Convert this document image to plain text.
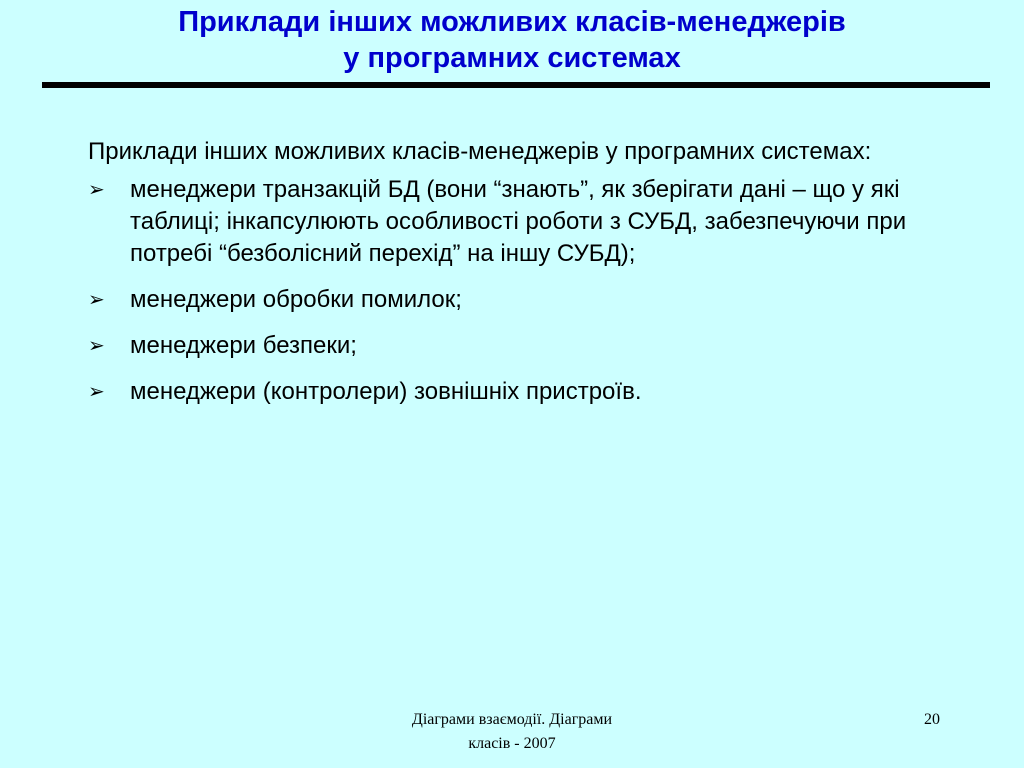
Приклади інших можливих класів-менеджерів
у програмних системах

Приклади інших можливих класів-менеджерів у програмних системах:

➢ менеджери транзакцій БД (вони “знають”, як зберігати дані – що у які таблиці; інкапсулюють особливості роботи з СУБД, забезпечуючи при потребі “безболісний перехід” на іншу СУБД);
➢ менеджери обробки помилок;
➢ менеджери безпеки;
➢ менеджери (контролери) зовнішніх пристроїв.
Діаграми взаємодії. Діаграми
класів - 2007
20
